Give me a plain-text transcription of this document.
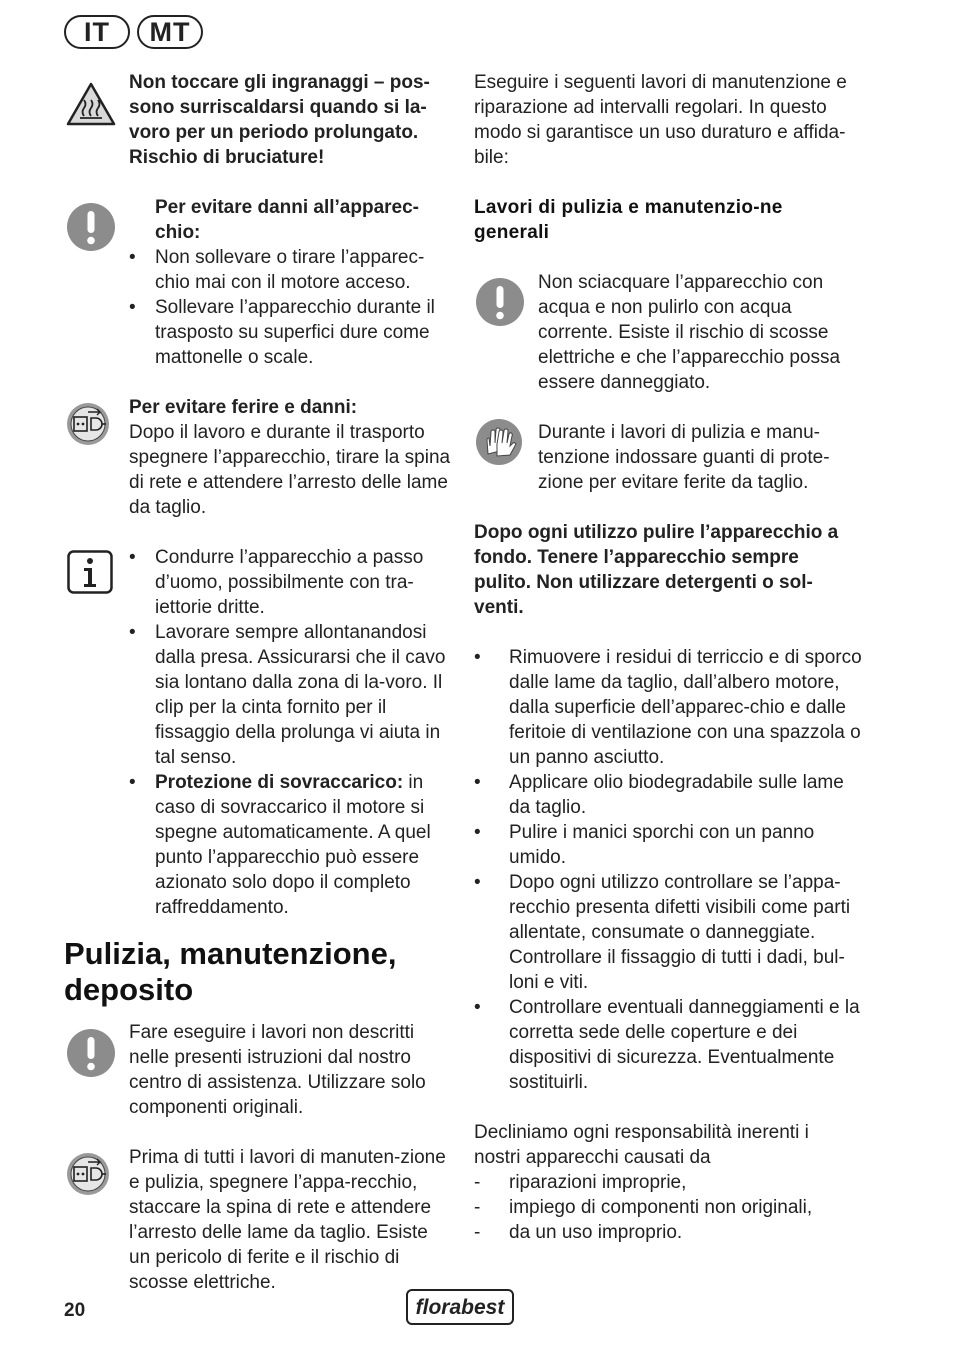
IT	MT

Non toccare gli ingranaggi – pos-sono surriscaldarsi quando si la-voro per un periodo prolungato. Rischio di bruciature!

Per evitare danni all’apparec-chio:

• Non sollevare o tirare l’apparec-chio mai con il motore acceso.
• Sollevare l’apparecchio durante il trasposto su superfici dure come mattonelle o scale.

Per evitare ferire e danni:

Dopo il lavoro e durante il trasporto spegnere l’apparecchio, tirare la spina di rete e attendere l’arresto delle lame da taglio.

• Condurre l’apparecchio a passo d’uomo, possibilmente con tra-iettorie dritte.
• Lavorare sempre allontanandosi dalla presa. Assicurarsi che il cavo sia lontano dalla zona di la-voro. Il clip per la cinta fornito per il fissaggio della prolunga vi aiuta in tal senso.
• Protezione di sovraccarico: in caso di sovraccarico il motore si spegne automaticamente. A quel punto l’apparecchio può essere azionato solo dopo il completo raffreddamento.
Pulizia, manutenzione,
deposito

Fare eseguire i lavori non descritti nelle presenti istruzioni dal nostro centro di assistenza. Utilizzare solo componenti originali.

Prima di tutti i lavori di manuten-zione e pulizia, spegnere l’appa-recchio, staccare la spina di rete e attendere l’arresto delle lame da taglio. Esiste un pericolo di ferite e il rischio di scosse elettriche.

Eseguire i seguenti lavori di manutenzione e riparazione ad intervalli regolari. In questo modo si garantisce un uso duraturo e affida-bile:

Lavori di pulizia e manutenzio-ne generali

Non sciacquare l’apparecchio con acqua e non pulirlo con acqua corrente. Esiste il rischio di scosse elettriche e che l’apparecchio possa essere danneggiato.

Durante i lavori di pulizia e manu-tenzione indossare guanti di prote-zione per evitare ferite da taglio.

Dopo ogni utilizzo pulire l’apparecchio a fondo. Tenere l’apparecchio sempre pulito. Non utilizzare detergenti o sol-venti.

• Rimuovere i residui di terriccio e di sporco dalle lame da taglio, dall’albero motore, dalla superficie dell’apparec-chio e dalle feritoie di ventilazione con una spazzola o un panno asciutto.
• Applicare olio biodegradabile sulle lame da taglio.
• Pulire i manici sporchi con un panno umido.
• Dopo ogni utilizzo controllare se l’appa-recchio presenta difetti visibili come parti allentate, consumate o danneggiate. Controllare il fissaggio di tutti i dadi, bul-loni e viti.
• Controllare eventuali danneggiamenti e la corretta sede delle coperture e dei dispositivi di sicurezza. Eventualmente sostituirli.

Decliniamo ogni responsabilità inerenti i nostri apparecchi causati da

- riparazioni improprie,
- impiego di componenti non originali,
- da un uso improprio.
20	florabest
